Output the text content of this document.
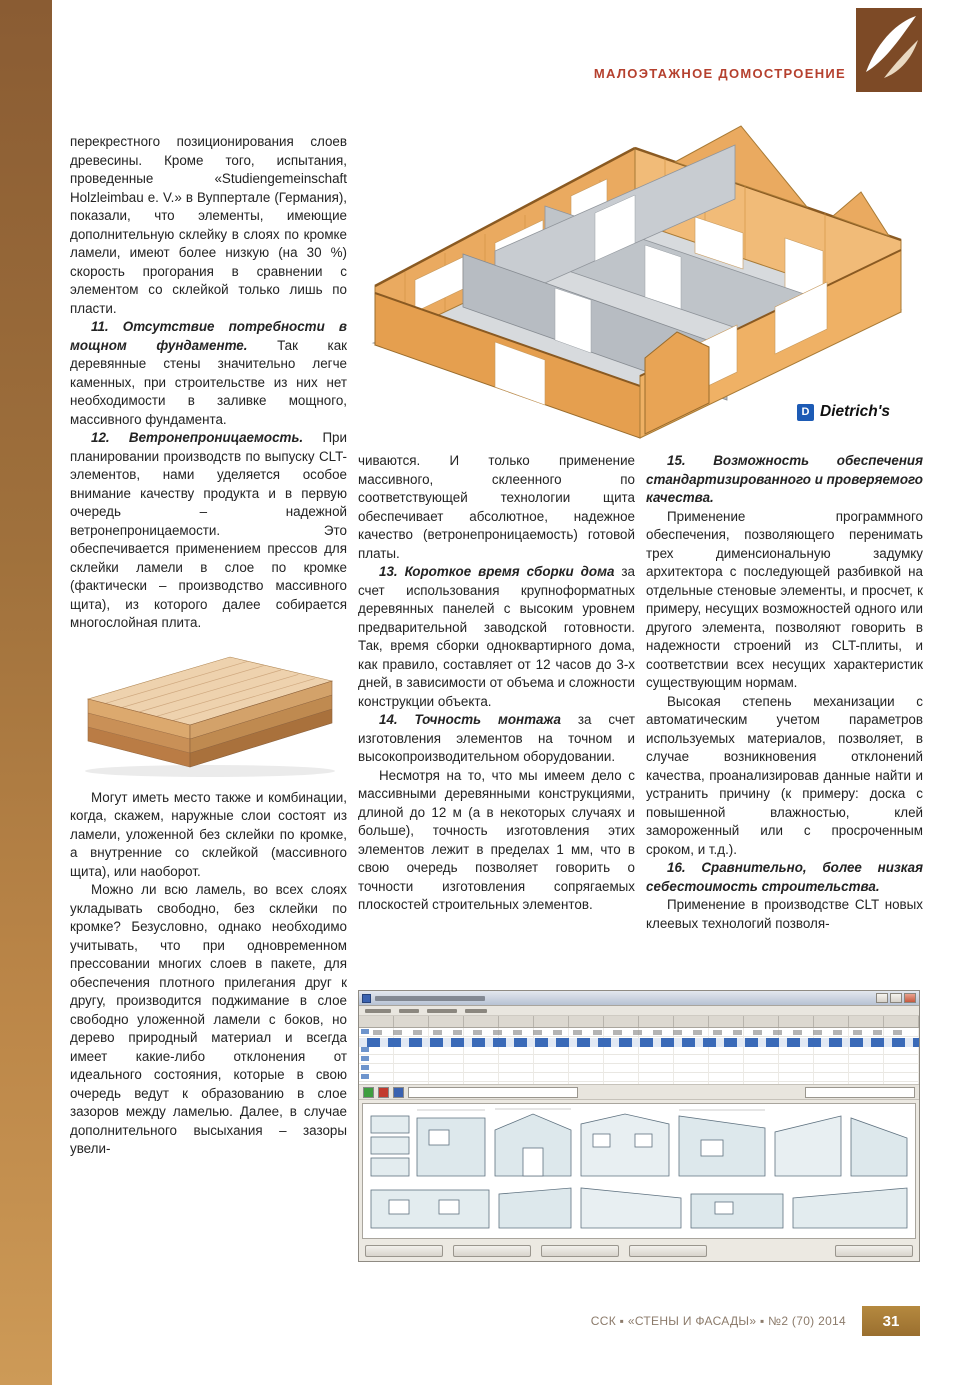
МАЛОЭТАЖНОЕ ДОМОСТРОЕНИЕ
D Dietrich's

перекрестного позиционирования слоев древесины. Кроме того, испытания, проведенные «Studiengemeinschaft Holzleimbau e. V.» в Вуппертале (Германия), показали, что элементы, имеющие дополнительную склейку в слоях по кромке ламели, имеют более низкую (на 30 %) скорость прогорания в сравнении с элементом со склейкой только лишь по пласти.

11. Отсутствие потребности в мощном фундаменте. Так как деревянные стены значительно легче каменных, при строительстве из них нет необходимости в заливке мощного, массивного фундамента.

12. Ветронепроницаемость. При планировании производств по выпуску CLT- элементов, нами уделяется особое внимание качеству продукта и в первую очередь – надежной ветронепроницаемости. Это обеспечивается применением прессов для склейки ламели в слое по кромке (фактически – производство массивного щита), из которого далее собирается многослойная плита.

Могут иметь место также и комбинации, когда, скажем, наружные слои состоят из ламели, уложенной без склейки по кромке, а внутренние со склейкой (массивного щита), или наоборот.

Можно ли всю ламель, во всех слоях укладывать свободно, без склейки по кромке? Безусловно, однако необходимо учитывать, что при одновременном прессовании многих слоев в пакете, для обеспечения плотного прилегания друг к другу, производится поджимание в слое свободно уложенной ламели с боков, но дерево природный материал и всегда имеет какие-либо отклонения от идеального состояния, которые в свою очередь ведут к образованию в слое зазоров между ламелью. Далее, в случае дополнительного высыхания – зазоры увели-

чиваются. И только применение массивного, склеенного по соответствующей технологии щита обеспечивает абсолютное, надежное качество (ветронепроницаемость) готовой платы.

13. Короткое время сборки дома за счет использования крупноформатных деревянных панелей с высоким уровнем предварительной заводской готовности. Так, время сборки одноквартирного дома, как правило, составляет от 12 часов до 3-х дней, в зависимости от объема и сложности конструкции объекта.

14. Точность монтажа за счет изготовления элементов на точном и высокопроизводительном оборудовании.

Несмотря на то, что мы имеем дело с массивными деревянными конструкциями, длиной до 12 м (а в некоторых случаях и больше), точность изготовления этих элементов лежит в пределах 1 мм, что в свою очередь позволяет говорить о точности изготовления сопрягаемых плоскостей строительных элементов.

15. Возможность обеспечения стандартизированного и проверяемого качества.

Применение программного обеспечения, позволяющего перенимать трех дименсиональную задумку архитектора с последующей разбивкой на отдельные стеновые элементы, и просчет, к примеру, несущих возможностей одного или другого элемента, позволяют говорить в надежности строений из CLT-плиты, и соответствии всех несущих характеристик существующим нормам.

Высокая степень механизации с автоматическим учетом параметров используемых материалов, позволяет, в случае возникновения отклонений качества, проанализировав данные найти и устранить причину (к примеру: доска с повышенной влажностью, клей замороженный или с просроченным сроком, и т.д.).

16. Сравнительно, более низкая себестоимость строительства.

Применение в производстве CLT новых клеевых технологий позволя-

ССК ▪ «СТЕНЫ И ФАСАДЫ» ▪ №2 (70) 2014	31
